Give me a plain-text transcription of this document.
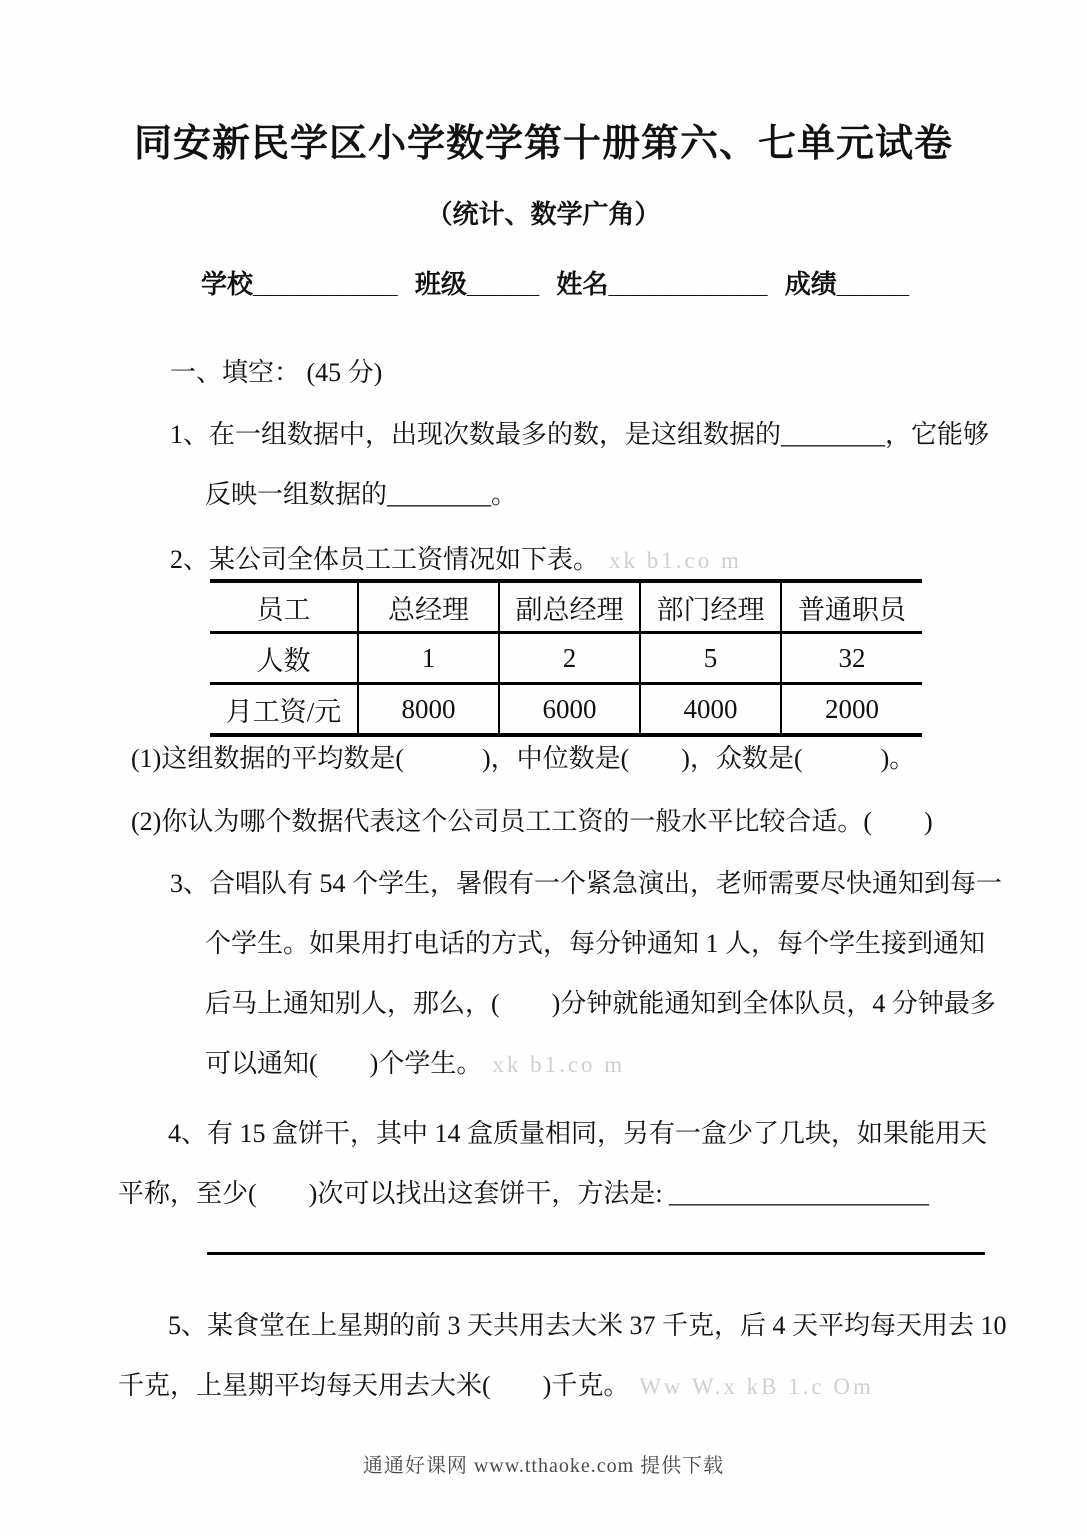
同安新民学区小学数学第十册第六、七单元试卷
（统计、数学广角）
学校__________ 班级_____ 姓名___________ 成绩_____
一、填空： (45 分)
1、在一组数据中，出现次数最多的数，是这组数据的________，它能够
反映一组数据的________。
2、某公司全体员工工资情况如下表。 xk b1.co m
员工	总经理	副总经理	部门经理	普通职员
人数	1	2	5	32
月工资/元	8000	6000	4000	2000
(1)这组数据的平均数是(　　　)，中位数是(　　)，众数是(　　　)。
(2)你认为哪个数据代表这个公司员工工资的一般水平比较合适。(　　)
3、合唱队有 54 个学生，暑假有一个紧急演出，老师需要尽快通知到每一
个学生。如果用打电话的方式，每分钟通知 1 人，每个学生接到通知
后马上通知别人，那么，(　　)分钟就能通知到全体队员，4 分钟最多
可以通知(　　)个学生。 xk b1.co m
4、有 15 盒饼干，其中 14 盒质量相同，另有一盒少了几块，如果能用天
平称，至少(　　)次可以找出这套饼干，方法是: ____________________
5、某食堂在上星期的前 3 天共用去大米 37 千克，后 4 天平均每天用去 10
千克，上星期平均每天用去大米(　　)千克。 Ww W.x kB 1.c Om
通通好课网 www.tthaoke.com 提供下载
